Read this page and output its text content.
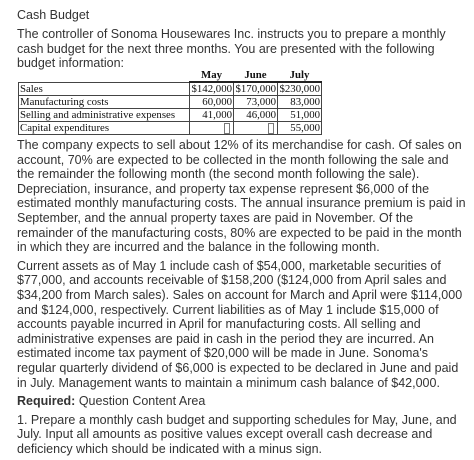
Cash Budget

The controller of Sonoma Housewares Inc. instructs you to prepare a monthly cash budget for the next three months. You are presented with the following budget information:

	May	June	July
Sales	$142,000	$170,000	$230,000
Manufacturing costs	60,000	73,000	83,000
Selling and administrative expenses	41,000	46,000	51,000
Capital expenditures			55,000

The company expects to sell about 12% of its merchandise for cash. Of sales on account, 70% are expected to be collected in the month following the sale and the remainder the following month (the second month following the sale). Depreciation, insurance, and property tax expense represent $6,000 of the estimated monthly manufacturing costs. The annual insurance premium is paid in September, and the annual property taxes are paid in November. Of the remainder of the manufacturing costs, 80% are expected to be paid in the month in which they are incurred and the balance in the following month.

Current assets as of May 1 include cash of $54,000, marketable securities of $77,000, and accounts receivable of $158,200 ($124,000 from April sales and $34,200 from March sales). Sales on account for March and April were $114,000 and $124,000, respectively. Current liabilities as of May 1 include $15,000 of accounts payable incurred in April for manufacturing costs. All selling and administrative expenses are paid in cash in the period they are incurred. An estimated income tax payment of $20,000 will be made in June. Sonoma's regular quarterly dividend of $6,000 is expected to be declared in June and paid in July. Management wants to maintain a minimum cash balance of $42,000.

Required: Question Content Area

1. Prepare a monthly cash budget and supporting schedules for May, June, and July. Input all amounts as positive values except overall cash decrease and deficiency which should be indicated with a minus sign.
